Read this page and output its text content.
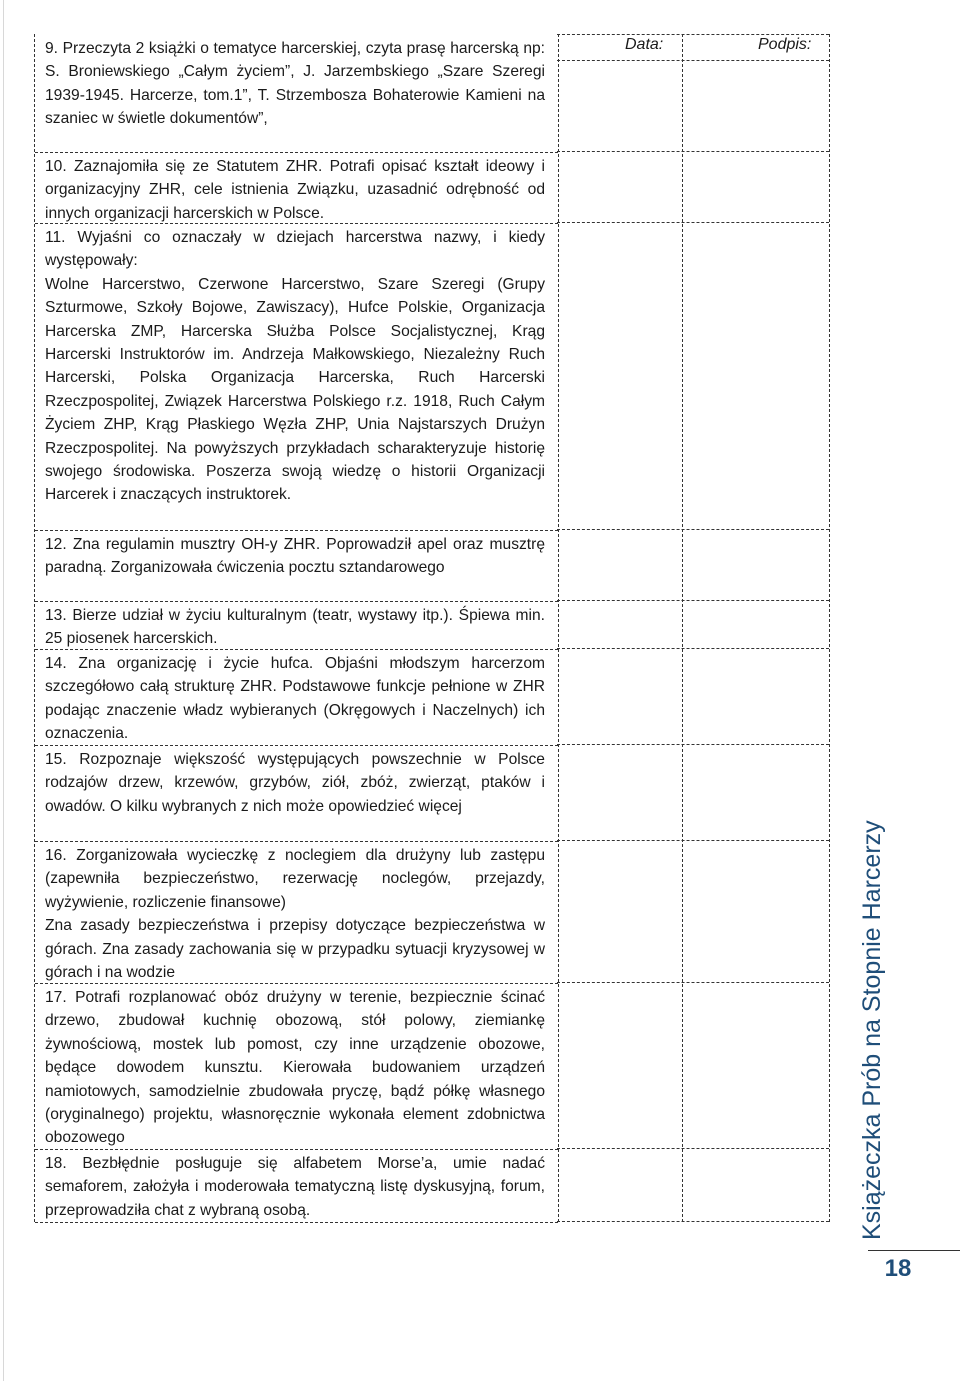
9. Przeczyta 2 książki o tematyce harcerskiej, czyta prasę harcerską np: S. Broniewskiego „Całym życiem”, J. Jarzembskiego „Szare Szeregi 1939-1945. Harcerze, tom.1”, T. Strzembosza Bohaterowie Kamieni na szaniec w świetle dokumentów”,

10. Zaznajomiła się ze Statutem ZHR. Potrafi opisać kształt ideowy i organizacyjny ZHR, cele istnienia Związku, uzasadnić odrębność od innych organizacji harcerskich w Polsce.

11. Wyjaśni co oznaczały w dziejach harcerstwa nazwy, i kiedy występowały:

Wolne Harcerstwo, Czerwone Harcerstwo, Szare Szeregi (Grupy Szturmowe, Szkoły Bojowe, Zawiszacy), Hufce Polskie, Organizacja Harcerska ZMP, Harcerska Służba Polsce Socjalistycznej, Krąg Harcerski Instruktorów im. Andrzeja Małkowskiego, Niezależny Ruch Harcerski, Polska Organizacja Harcerska, Ruch Harcerski Rzeczpospolitej, Związek Harcerstwa Polskiego r.z. 1918, Ruch Całym Życiem ZHP, Krąg Płaskiego Węzła ZHP, Unia Najstarszych Drużyn Rzeczpospolitej. Na powyższych przykładach scharakteryzuje historię swojego środowiska. Poszerza swoją wiedzę o historii Organizacji Harcerek i znaczących instruktorek.

12. Zna regulamin musztry OH-y ZHR. Poprowadził apel oraz musztrę paradną. Zorganizowała ćwiczenia pocztu sztandarowego

13. Bierze udział w życiu kulturalnym (teatr, wystawy itp.). Śpiewa min. 25 piosenek harcerskich.

14. Zna organizację i życie hufca. Objaśni młodszym harcerzom szczegółowo całą strukturę ZHR. Podstawowe funkcje pełnione w ZHR podając znaczenie władz wybieranych (Okręgowych i Naczelnych) ich oznaczenia.

15. Rozpoznaje większość występujących powszechnie w Polsce rodzajów drzew, krzewów, grzybów, ziół, zbóż, zwierząt, ptaków i owadów. O kilku wybranych z nich może opowiedzieć więcej

16. Zorganizowała wycieczkę z noclegiem dla drużyny lub zastępu (zapewniła bezpieczeństwo, rezerwację noclegów, przejazdy, wyżywienie, rozliczenie finansowe)

Zna zasady bezpieczeństwa i przepisy dotyczące bezpieczeństwa w górach. Zna zasady zachowania się w przypadku sytuacji kryzysowej w górach i na wodzie

17. Potrafi rozplanować obóz drużyny w terenie, bezpiecznie ścinać drzewo, zbudował kuchnię obozową, stół polowy, ziemiankę żywnościową, mostek lub pomost, czy inne urządzenie obozowe, będące dowodem kunsztu. Kierowała budowaniem urządzeń namiotowych, samodzielnie zbudowała pryczę, bądź półkę własnego (oryginalnego) projektu, własnoręcznie wykonała element zdobnictwa obozowego

18. Bezbłędnie posługuje się alfabetem Morse’a, umie nadać semaforem, założyła i moderowała tematyczną listę dyskusyjną, forum, przeprowadziła chat z wybraną osobą.

Data:	Podpis:
Książeczka Prób na Stopnie Harcerzy
18
